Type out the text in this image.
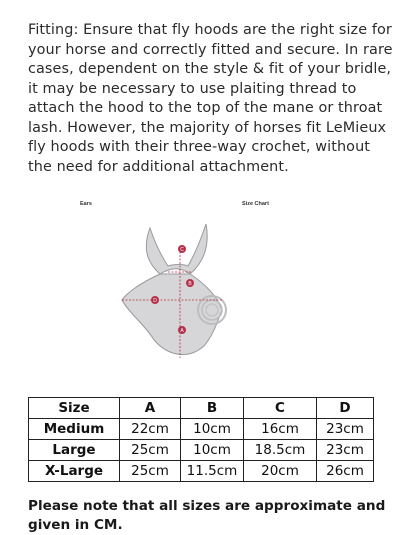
Fitting: Ensure that fly hoods are the right size for your horse and correctly fitted and secure. In rare cases, dependent on the style & fit of your bridle, it may be necessary to use plaiting thread to attach the hood to the top of the mane or throat lash. However, the majority of horses fit LeMieux fly hoods with their three-way crochet, without the need for additional attachment.

Ears	Size Chart
C
B
D
A
Size	A	B	C	D
Medium	22cm	10cm	16cm	23cm
Large	25cm	10cm	18.5cm	23cm
X-Large	25cm	11.5cm	20cm	26cm

Please note that all sizes are approximate and given in CM.
